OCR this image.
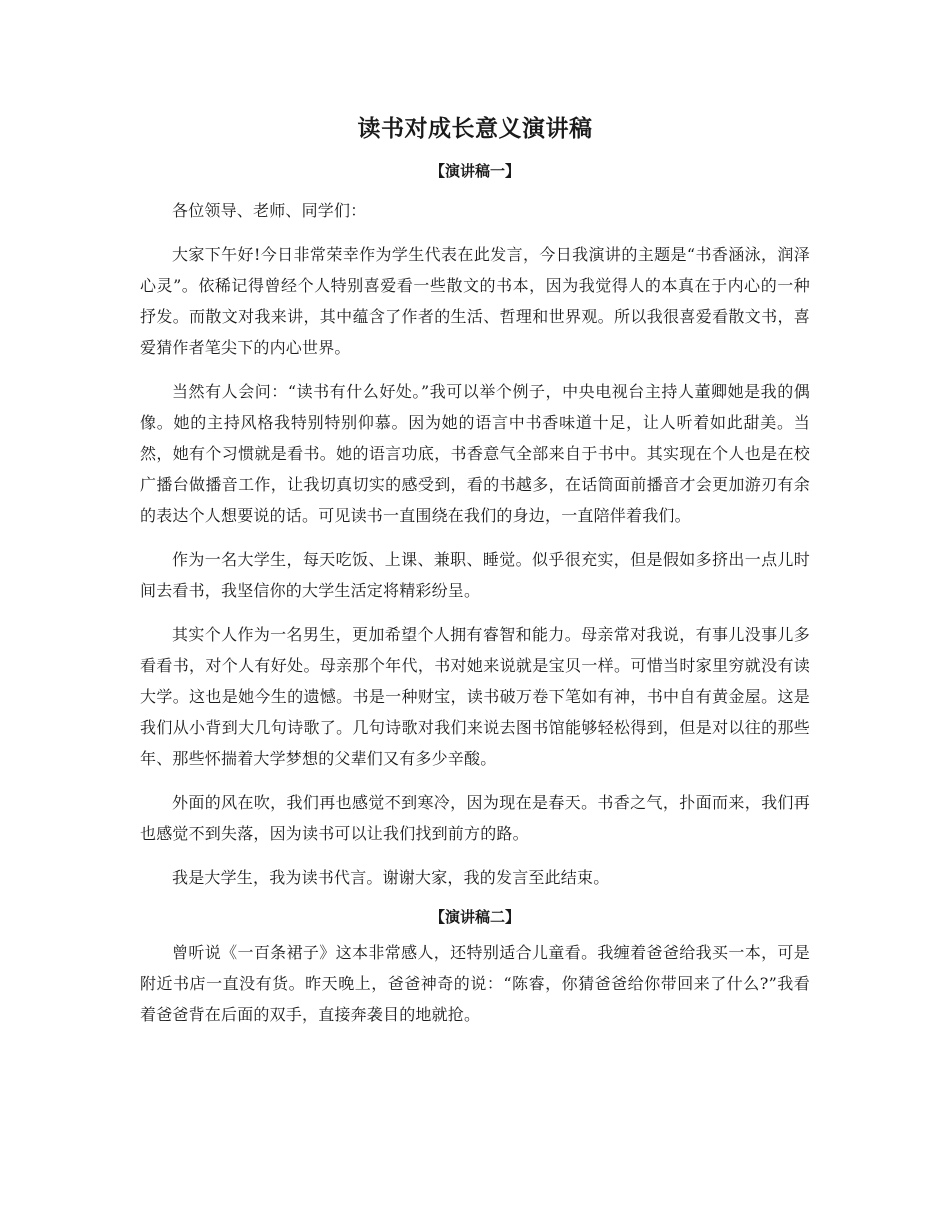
读书对成长意义演讲稿
【演讲稿一】

各位领导、老师、同学们：

大家下午好!今日非常荣幸作为学生代表在此发言，今日我演讲的主题是“书香涵泳，润泽心灵”。依稀记得曾经个人特别喜爱看一些散文的书本，因为我觉得人的本真在于内心的一种抒发。而散文对我来讲，其中蕴含了作者的生活、哲理和世界观。所以我很喜爱看散文书，喜爱猜作者笔尖下的内心世界。

当然有人会问：“读书有什么好处。”我可以举个例子，中央电视台主持人董卿她是我的偶像。她的主持风格我特别特别仰慕。因为她的语言中书香味道十足，让人听着如此甜美。当然，她有个习惯就是看书。她的语言功底，书香意气全部来自于书中。其实现在个人也是在校广播台做播音工作，让我切真切实的感受到，看的书越多，在话筒面前播音才会更加游刃有余的表达个人想要说的话。可见读书一直围绕在我们的身边，一直陪伴着我们。

作为一名大学生，每天吃饭、上课、兼职、睡觉。似乎很充实，但是假如多挤出一点儿时间去看书，我坚信你的大学生活定将精彩纷呈。

其实个人作为一名男生，更加希望个人拥有睿智和能力。母亲常对我说，有事儿没事儿多看看书，对个人有好处。母亲那个年代，书对她来说就是宝贝一样。可惜当时家里穷就没有读大学。这也是她今生的遗憾。书是一种财宝，读书破万卷下笔如有神，书中自有黄金屋。这是我们从小背到大几句诗歌了。几句诗歌对我们来说去图书馆能够轻松得到，但是对以往的那些年、那些怀揣着大学梦想的父辈们又有多少辛酸。

外面的风在吹，我们再也感觉不到寒冷，因为现在是春天。书香之气，扑面而来，我们再也感觉不到失落，因为读书可以让我们找到前方的路。

我是大学生，我为读书代言。谢谢大家，我的发言至此结束。

【演讲稿二】

曾听说《一百条裙子》这本非常感人，还特别适合儿童看。我缠着爸爸给我买一本，可是附近书店一直没有货。昨天晚上，爸爸神奇的说：“陈睿，你猜爸爸给你带回来了什么?”我看着爸爸背在后面的双手，直接奔袭目的地就抢。
